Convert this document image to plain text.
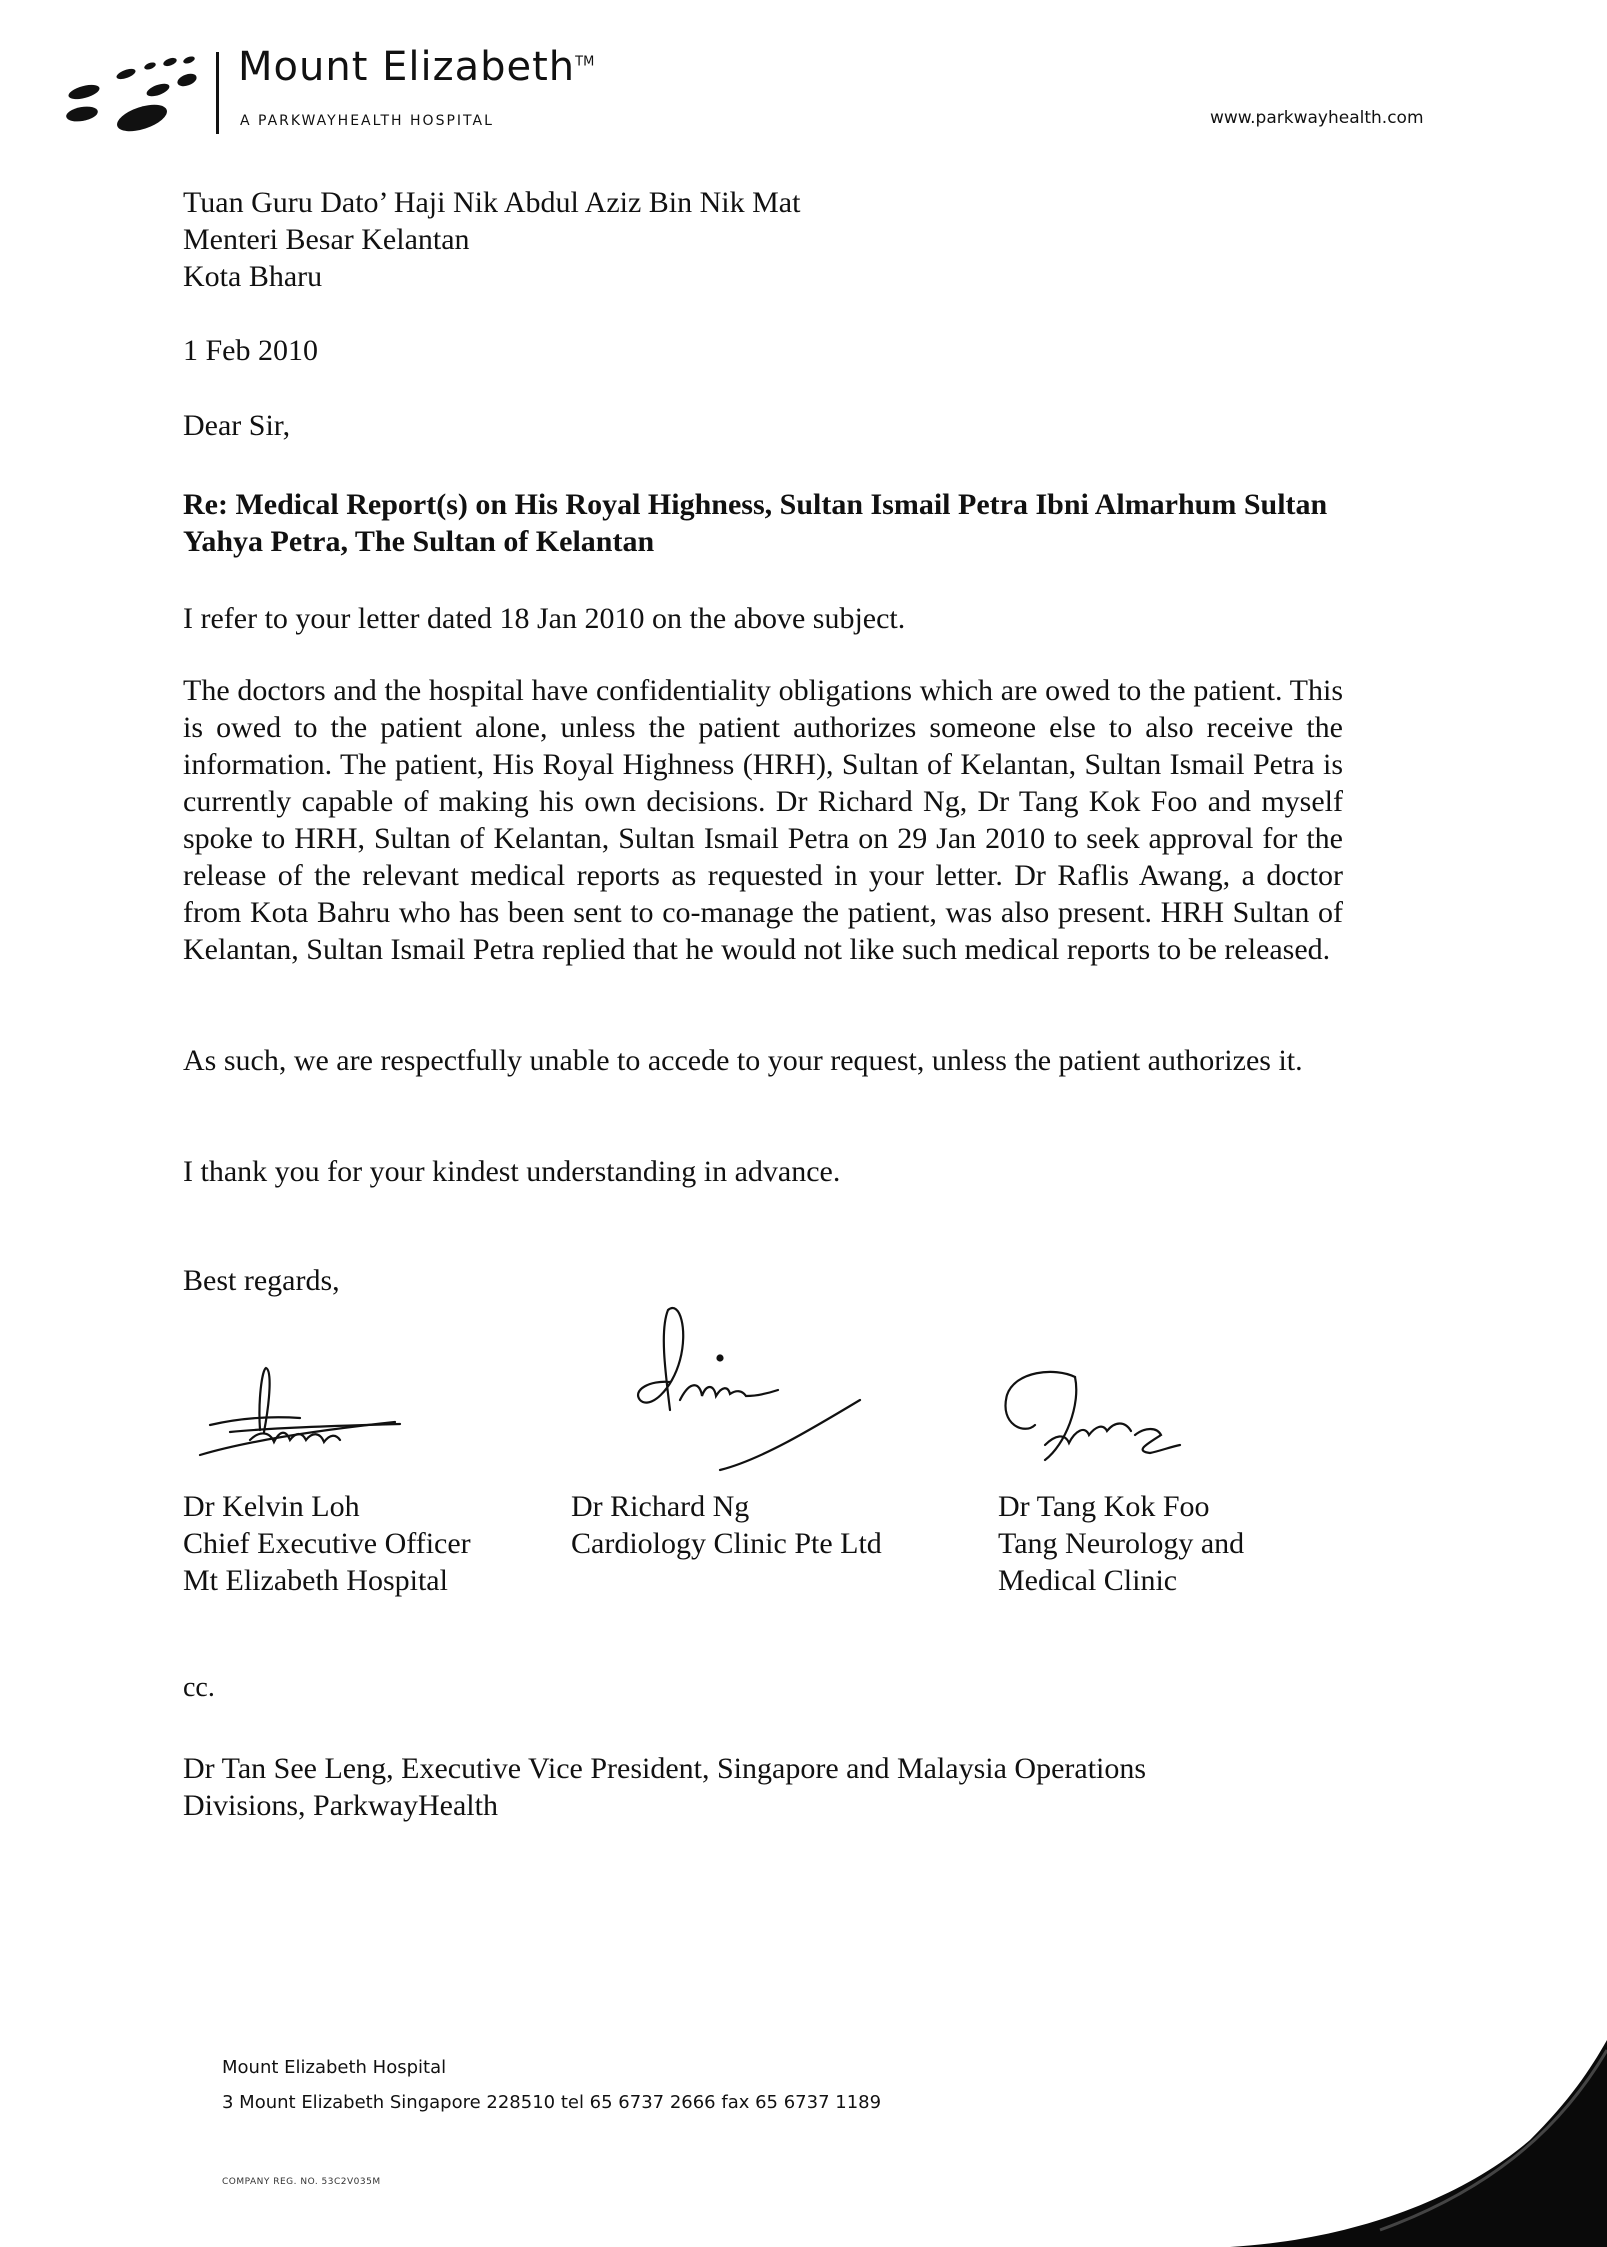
Mount Elizabeth™
A PARKWAYHEALTH HOSPITAL	www.parkwayhealth.com
Tuan Guru Dato’ Haji Nik Abdul Aziz Bin Nik Mat
Menteri Besar Kelantan
Kota Bharu
1 Feb 2010
Dear Sir,
Re: Medical Report(s) on His Royal Highness, Sultan Ismail Petra Ibni Almarhum Sultan Yahya Petra, The Sultan of Kelantan
I refer to your letter dated 18 Jan 2010 on the above subject.
The doctors and the hospital have confidentiality obligations which are owed to the patient. This is owed to the patient alone, unless the patient authorizes someone else to also receive the information. The patient, His Royal Highness (HRH), Sultan of Kelantan, Sultan Ismail Petra is currently capable of making his own decisions. Dr Richard Ng, Dr Tang Kok Foo and myself spoke to HRH, Sultan of Kelantan, Sultan Ismail Petra on 29 Jan 2010 to seek approval for the release of the relevant medical reports as requested in your letter. Dr Raflis Awang, a doctor from Kota Bahru who has been sent to co-manage the patient, was also present. HRH Sultan of Kelantan, Sultan Ismail Petra replied that he would not like such medical reports to be released.
As such, we are respectfully unable to accede to your request, unless the patient authorizes it.
I thank you for your kindest understanding in advance.
Best regards,
Dr Kelvin Loh
Chief Executive Officer
Mt Elizabeth Hospital
Dr Richard Ng
Cardiology Clinic Pte Ltd
Dr Tang Kok Foo
Tang Neurology and
Medical Clinic
cc.
Dr Tan See Leng, Executive Vice President, Singapore and Malaysia Operations
Divisions, ParkwayHealth
Mount Elizabeth Hospital
3 Mount Elizabeth Singapore 228510 tel 65 6737 2666 fax 65 6737 1189
COMPANY REG. NO. 53C2V035M
